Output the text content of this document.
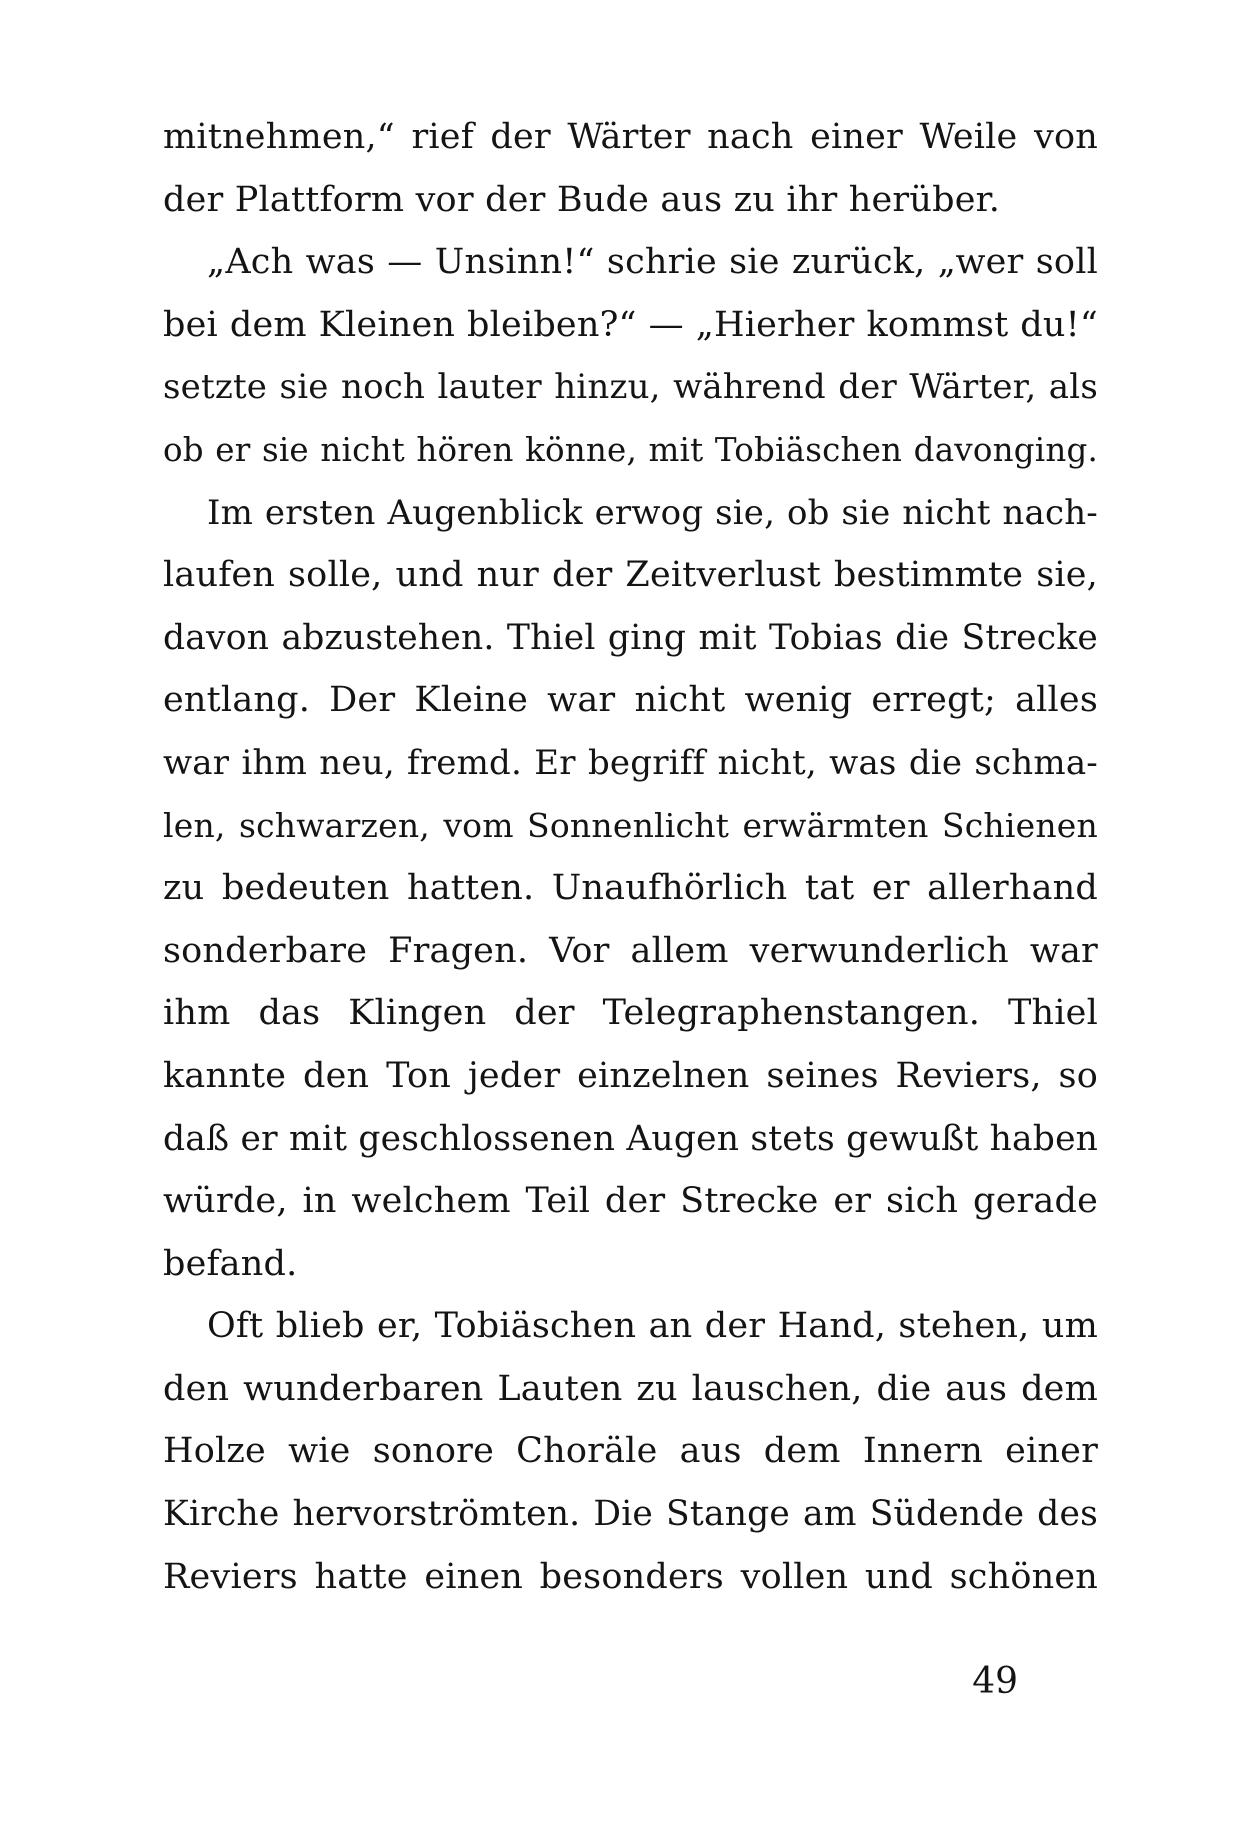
mitnehmen,“ rief der Wärter nach einer Weile von
der Plattform vor der Bude aus zu ihr herüber.
„Ach was — Unsinn!“ schrie sie zurück, „wer soll
bei dem Kleinen bleiben?“ — „Hierher kommst du!“
setzte sie noch lauter hinzu, während der Wärter, als
ob er sie nicht hören könne, mit Tobiäschen davonging.
Im ersten Augenblick erwog sie, ob sie nicht nach-
laufen solle, und nur der Zeitverlust bestimmte sie,
davon abzustehen. Thiel ging mit Tobias die Strecke
entlang. Der Kleine war nicht wenig erregt; alles
war ihm neu, fremd. Er begriff nicht, was die schma-
len, schwarzen, vom Sonnenlicht erwärmten Schienen
zu bedeuten hatten. Unaufhörlich tat er allerhand
sonderbare Fragen. Vor allem verwunderlich war
ihm das Klingen der Telegraphenstangen. Thiel
kannte den Ton jeder einzelnen seines Reviers, so
daß er mit geschlossenen Augen stets gewußt haben
würde, in welchem Teil der Strecke er sich gerade
befand.
Oft blieb er, Tobiäschen an der Hand, stehen, um
den wunderbaren Lauten zu lauschen, die aus dem
Holze wie sonore Choräle aus dem Innern einer
Kirche hervorströmten. Die Stange am Südende des
Reviers hatte einen besonders vollen und schönen
49
